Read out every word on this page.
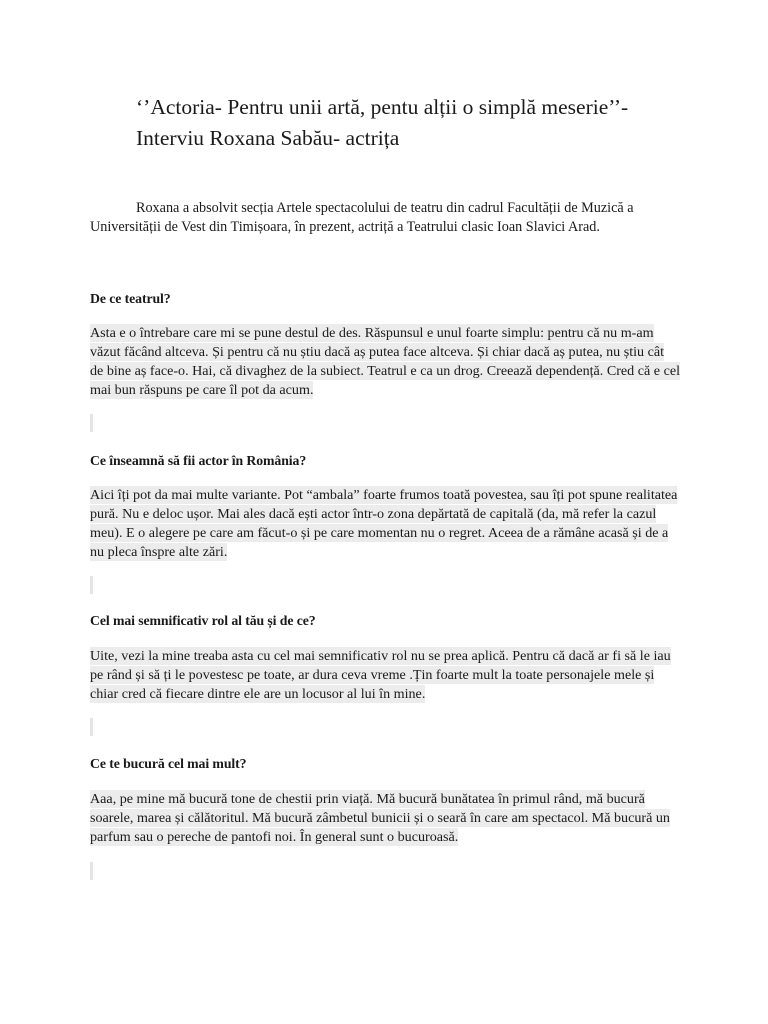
‘’Actoria- Pentru unii artă, pentu alții o simplă meserie’’- Interviu Roxana Sabău- actrița

Roxana a absolvit secția Artele spectacolului de teatru din cadrul Facultății de Muzică a Universității de Vest din Timișoara, în prezent, actriță a Teatrului clasic Ioan Slavici Arad.

De ce teatrul?

Asta e o întrebare care mi se pune destul de des. Răspunsul e unul foarte simplu: pentru că nu m-am văzut făcând altceva. Și pentru că nu știu dacă aș putea face altceva. Și chiar dacă aș putea, nu știu cât de bine aș face-o. Hai, că divaghez de la subiect. Teatrul e ca un drog. Creează dependență. Cred că e cel mai bun răspuns pe care îl pot da acum.

Ce înseamnă să fii actor în România?

Aici îți pot da mai multe variante. Pot “ambala” foarte frumos toată povestea, sau îți pot spune realitatea pură. Nu e deloc ușor. Mai ales dacă ești actor într-o zona depărtată de capitală (da, mă refer la cazul meu). E o alegere pe care am făcut-o și pe care momentan nu o regret. Aceea de a rămâne acasă și de a nu pleca înspre alte zări.

Cel mai semnificativ rol al tău și de ce?

Uite, vezi la mine treaba asta cu cel mai semnificativ rol nu se prea aplică. Pentru că dacă ar fi să le iau pe rând și să ți le povestesc pe toate, ar dura ceva vreme .Țin foarte mult la toate personajele mele și chiar cred că fiecare dintre ele are un locusor al lui în mine.

Ce te bucură cel mai mult?

Aaa, pe mine mă bucură tone de chestii prin viață. Mă bucură bunătatea în primul rând, mă bucură soarele, marea și călătoritul. Mă bucură zâmbetul bunicii și o seară în care am spectacol. Mă bucură un parfum sau o pereche de pantofi noi. În general sunt o bucuroasă.
